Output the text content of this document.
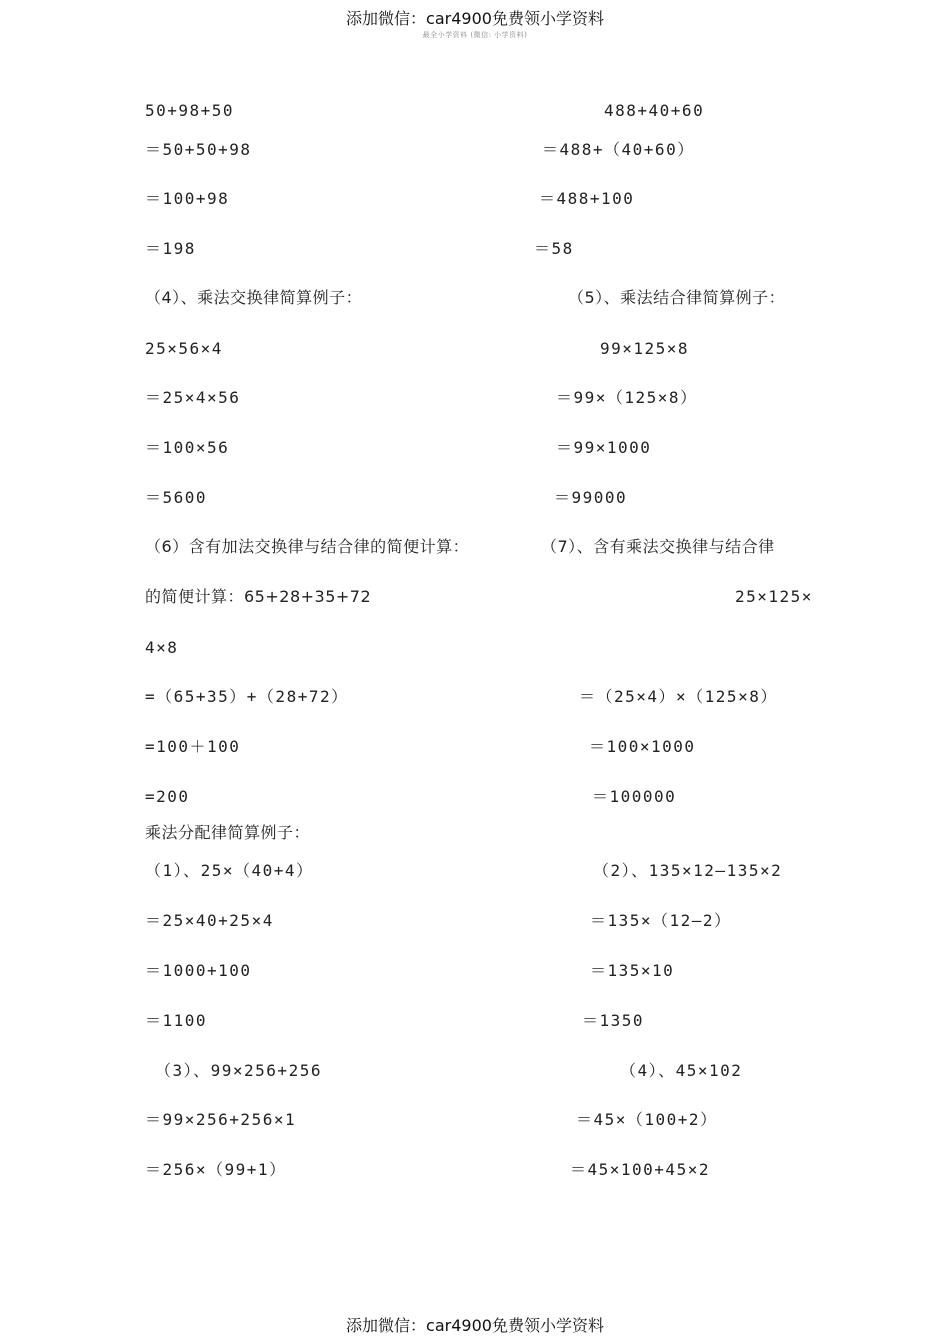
添加微信：car4900免费领小学资料
最全小学资料 (微信: 小学资料)
50+98+50
＝50+50+98
＝100+98
＝198
（4）、乘法交换律简算例子：
25×56×4
＝25×4×56
＝100×56
＝5600
（6）含有加法交换律与结合律的简便计算：
的简便计算：65+28+35+72
4×8
=（65+35）+（28+72）
=100＋100
=200
乘法分配律简算例子：
（1）、25×（40+4）
＝25×40+25×4
＝1000+100
＝1100
（3）、99×256+256
＝99×256+256×1
＝256×（99+1）
488+40+60
＝488+（40+60）
＝488+100
＝58
（5）、乘法结合律简算例子：
99×125×8
＝99×（125×8）
＝99×1000
＝99000
（7）、含有乘法交换律与结合律
25×125×
＝（25×4）×（125×8）
＝100×1000
＝100000
（2）、135×12—135×2
＝135×（12—2）
＝135×10
＝1350
（4）、45×102
＝45×（100+2）
＝45×100+45×2
添加微信：car4900免费领小学资料
